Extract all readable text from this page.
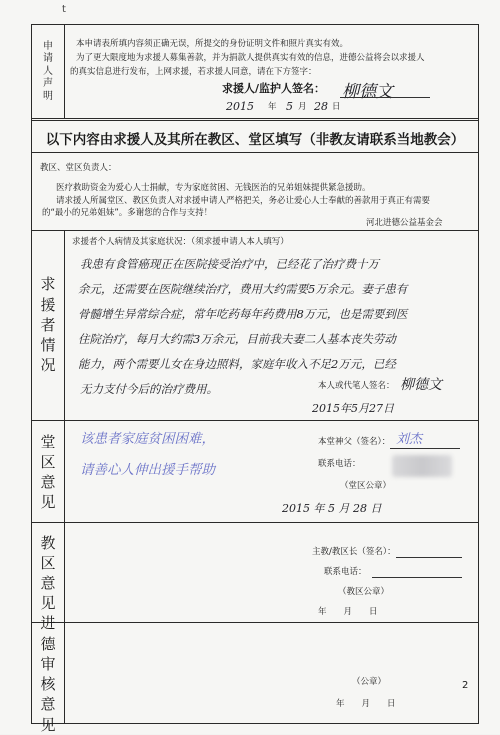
t
申
请
人
声
明
本申请表所填内容须正确无误，所提交的身份证明文件和照片真实有效。
为了更大限度地为求援人募集善款，并为捐款人提供真实有效的信息，进德公益将会以求援人
的真实信息进行发布，上网求援，若求援人同意，请在下方签字：
求援人/监护人签名： 柳德文
2015 年 5 月 28 日
以下内容由求援人及其所在教区、堂区填写（非教友请联系当地教会）
教区、堂区负责人：
医疗救助资金为爱心人士捐献，专为家庭贫困、无钱医治的兄弟姐妹提供紧急援助。
请求援人所属堂区、教区负责人对求援申请人严格把关，务必让爱心人士奉献的善款用于真正有需要
的“最小的兄弟姐妹”。多谢您的合作与支持！
河北进德公益基金会
求
援
者
情
况
求援者个人病情及其家庭状况：（须求援申请人本人填写）
我患有食管癌现正在医院接受治疗中，已经花了治疗费十万
余元，还需要在医院继续治疗，费用大约需要5万余元。妻子患有
骨髓增生异常综合症，常年吃药每年药费用8万元，也是需要到医
住院治疗，每月大约需3万余元，目前我夫妻二人基本丧失劳动
能力，两个需要儿女在身边照料，家庭年收入不足2万元，已经
无力支付今后的治疗费用。	本人或代笔人签名： 柳德文
2015年5月27日
堂
区
意
见
该患者家庭贫困困难，
请善心人伸出援手帮助
本堂神父（签名）： 刘杰
联系电话：
（堂区公章）
2015 年 5 月 28 日
教
区
意
见
主教/教区长（签名）：
联系电话：
（教区公章）
年　　月　　日
进
德
审
核
意
见
（公章）
年　　月　　日
2
